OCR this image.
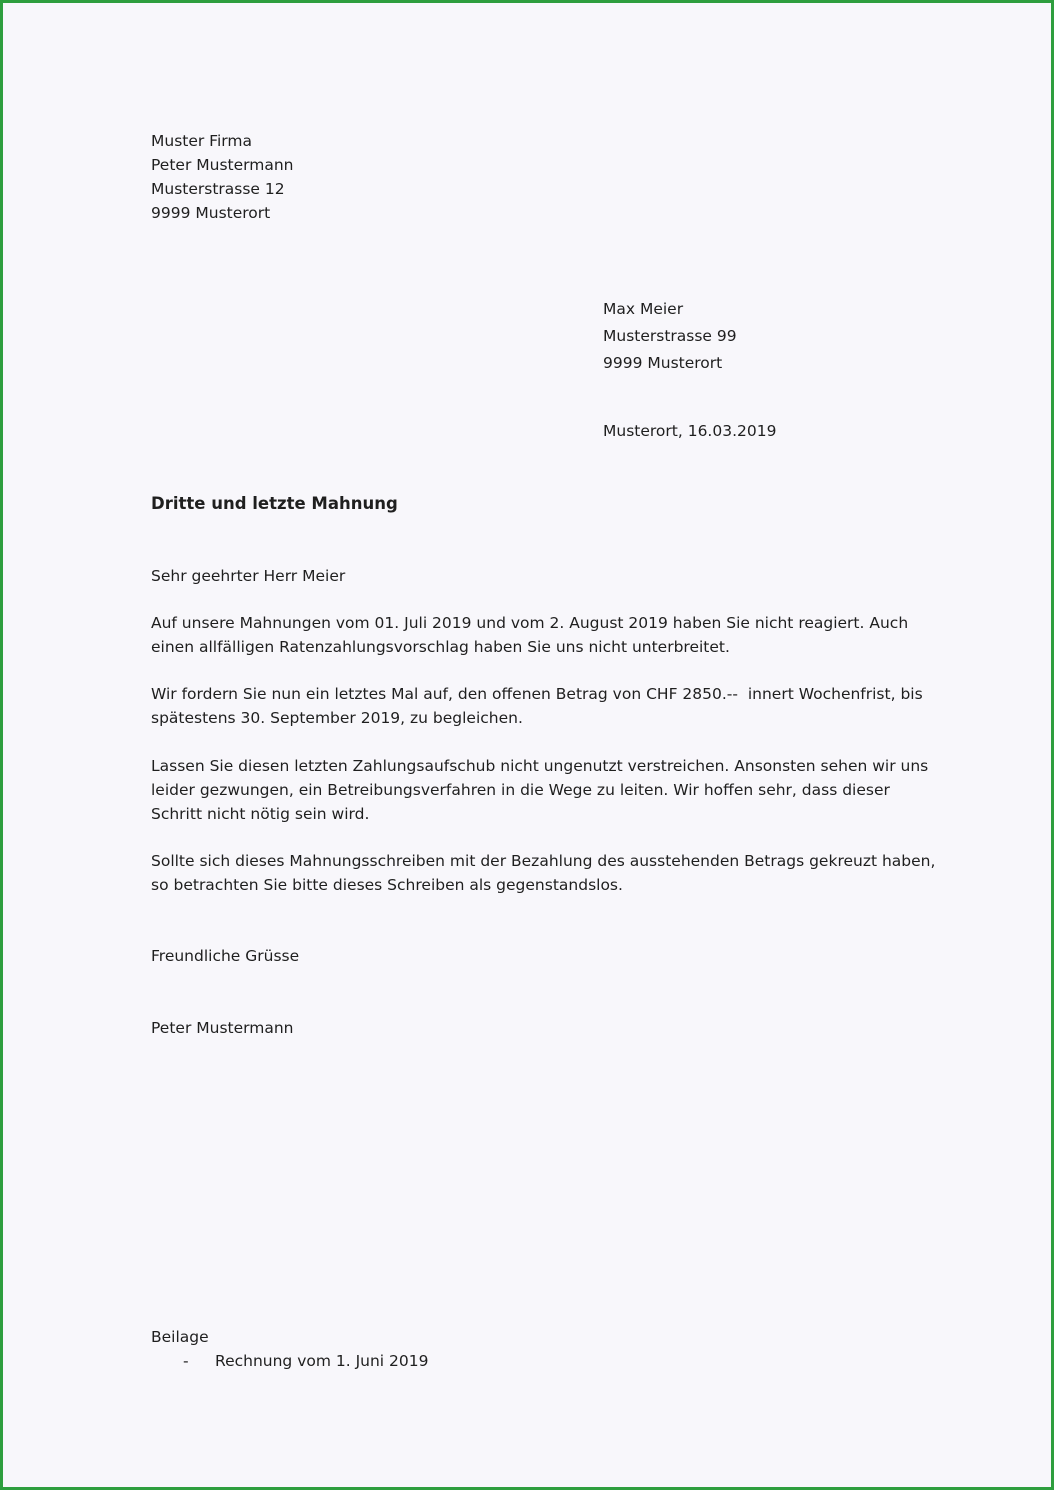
Muster Firma
Peter Mustermann
Musterstrasse 12
9999 Musterort
Max Meier
Musterstrasse 99
9999 Musterort
Musterort, 16.03.2019
Dritte und letzte Mahnung
Sehr geehrter Herr Meier
Auf unsere Mahnungen vom 01. Juli 2019 und vom 2. August 2019 haben Sie nicht reagiert. Auch
einen allfälligen Ratenzahlungsvorschlag haben Sie uns nicht unterbreitet.
Wir fordern Sie nun ein letztes Mal auf, den offenen Betrag von CHF 2850.--  innert Wochenfrist, bis
spätestens 30. September 2019, zu begleichen.
Lassen Sie diesen letzten Zahlungsaufschub nicht ungenutzt verstreichen. Ansonsten sehen wir uns
leider gezwungen, ein Betreibungsverfahren in die Wege zu leiten. Wir hoffen sehr, dass dieser
Schritt nicht nötig sein wird.
Sollte sich dieses Mahnungsschreiben mit der Bezahlung des ausstehenden Betrags gekreuzt haben,
so betrachten Sie bitte dieses Schreiben als gegenstandslos.
Freundliche Grüsse
Peter Mustermann
Beilage
-	Rechnung vom 1. Juni 2019
